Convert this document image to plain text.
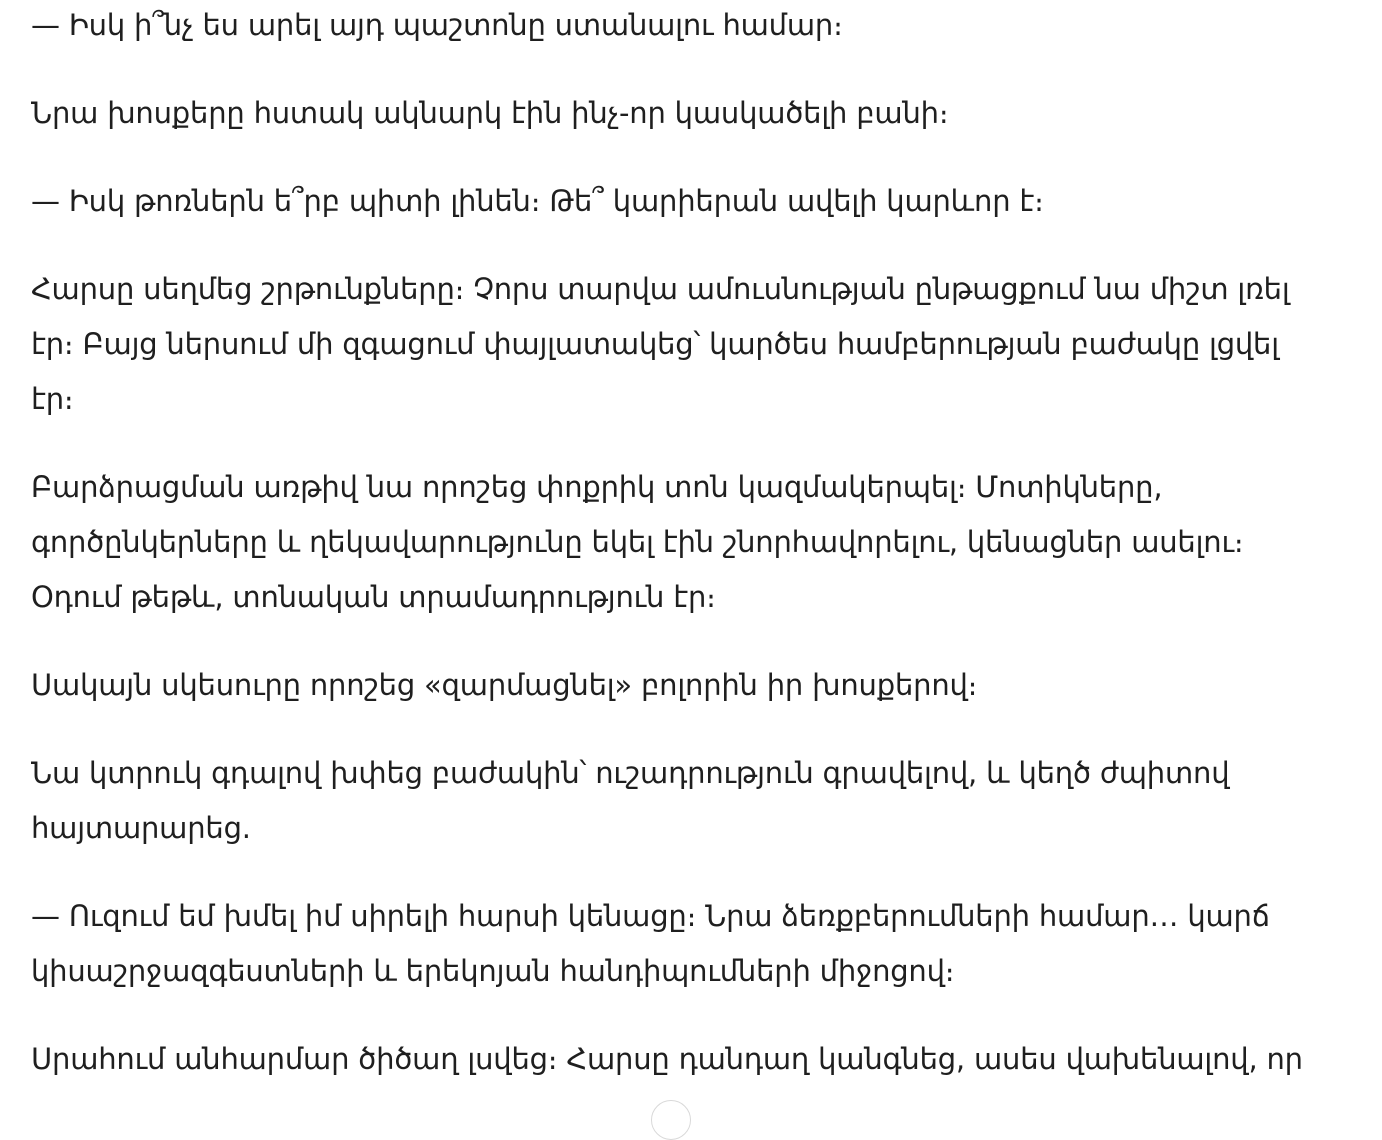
— Իսկ ի՞նչ ես արել այդ պաշտոնը ստանալու համար։

Նրա խոսքերը հստակ ակնարկ էին ինչ-որ կասկածելի բանի։

— Իսկ թոռներն ե՞րբ պիտի լինեն։ Թե՞ կարիերան ավելի կարևոր է։

Հարսը սեղմեց շրթունքները։ Չորս տարվա ամուսնության ընթացքում նա միշտ լռել էր։ Բայց ներսում մի զգացում փայլատակեց՝ կարծես համբերության բաժակը լցվել էր։

Բարձրացման առթիվ նա որոշեց փոքրիկ տոն կազմակերպել։ Մոտիկները, գործընկերները և ղեկավարությունը եկել էին շնորհավորելու, կենացներ ասելու։ Օդում թեթև, տոնական տրամադրություն էր։

Սակայն սկեսուրը որոշեց «զարմացնել» բոլորին իր խոսքերով։

Նա կտրուկ գդալով խփեց բաժակին՝ ուշադրություն գրավելով, և կեղծ ժպիտով հայտարարեց.

— Ուզում եմ խմել իմ սիրելի հարսի կենացը։ Նրա ձեռքբերումների համար… կարճ կիսաշրջազգեստների և երեկոյան հանդիպումների միջոցով։

Սրահում անհարմար ծիծաղ լսվեց։ Հարսը դանդաղ կանգնեց, ասես վախենալով, որ
